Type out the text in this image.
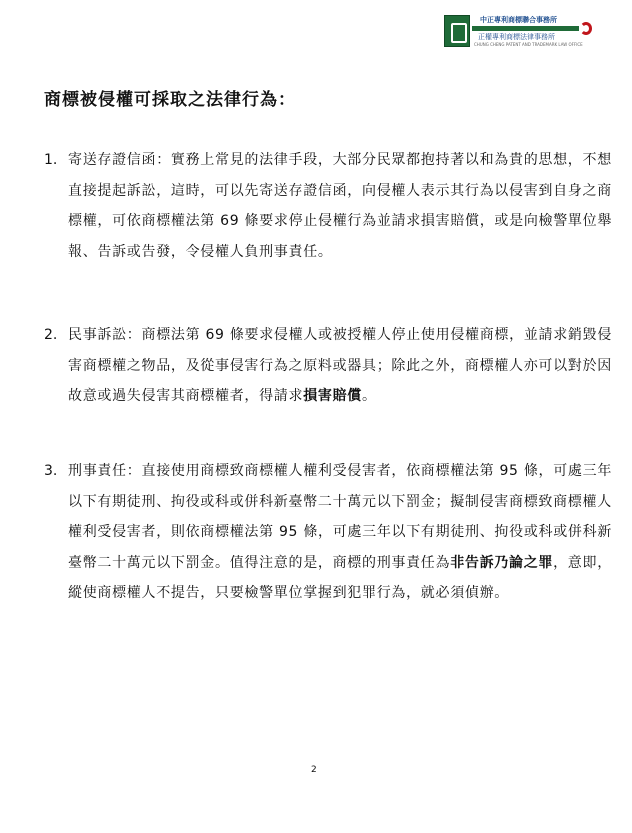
中正專利商標聯合事務所
正權專利商標法律事務所
CHUNG CHENG PATENT AND TRADEMARK LAW OFFICE
商標被侵權可採取之法律行為：
1. 寄送存證信函：實務上常見的法律手段，大部分民眾都抱持著以和為貴的思想，不想
直接提起訴訟，這時，可以先寄送存證信函，向侵權人表示其行為以侵害到自身之商
標權，可依商標權法第 69 條要求停止侵權行為並請求損害賠償，或是向檢警單位舉
報、告訴或告發，令侵權人負刑事責任。

2. 民事訴訟：商標法第 69 條要求侵權人或被授權人停止使用侵權商標，並請求銷毀侵
害商標權之物品，及從事侵害行為之原料或器具；除此之外，商標權人亦可以對於因
故意或過失侵害其商標權者，得請求損害賠償。

3. 刑事責任：直接使用商標致商標權人權利受侵害者，依商標權法第 95 條，可處三年
以下有期徒刑、拘役或科或併科新臺幣二十萬元以下罰金；擬制侵害商標致商標權人
權利受侵害者，則依商標權法第 95 條，可處三年以下有期徒刑、拘役或科或併科新
臺幣二十萬元以下罰金。值得注意的是，商標的刑事責任為非告訴乃論之罪，意即，
縱使商標權人不提告，只要檢警單位掌握到犯罪行為，就必須偵辦。

2
